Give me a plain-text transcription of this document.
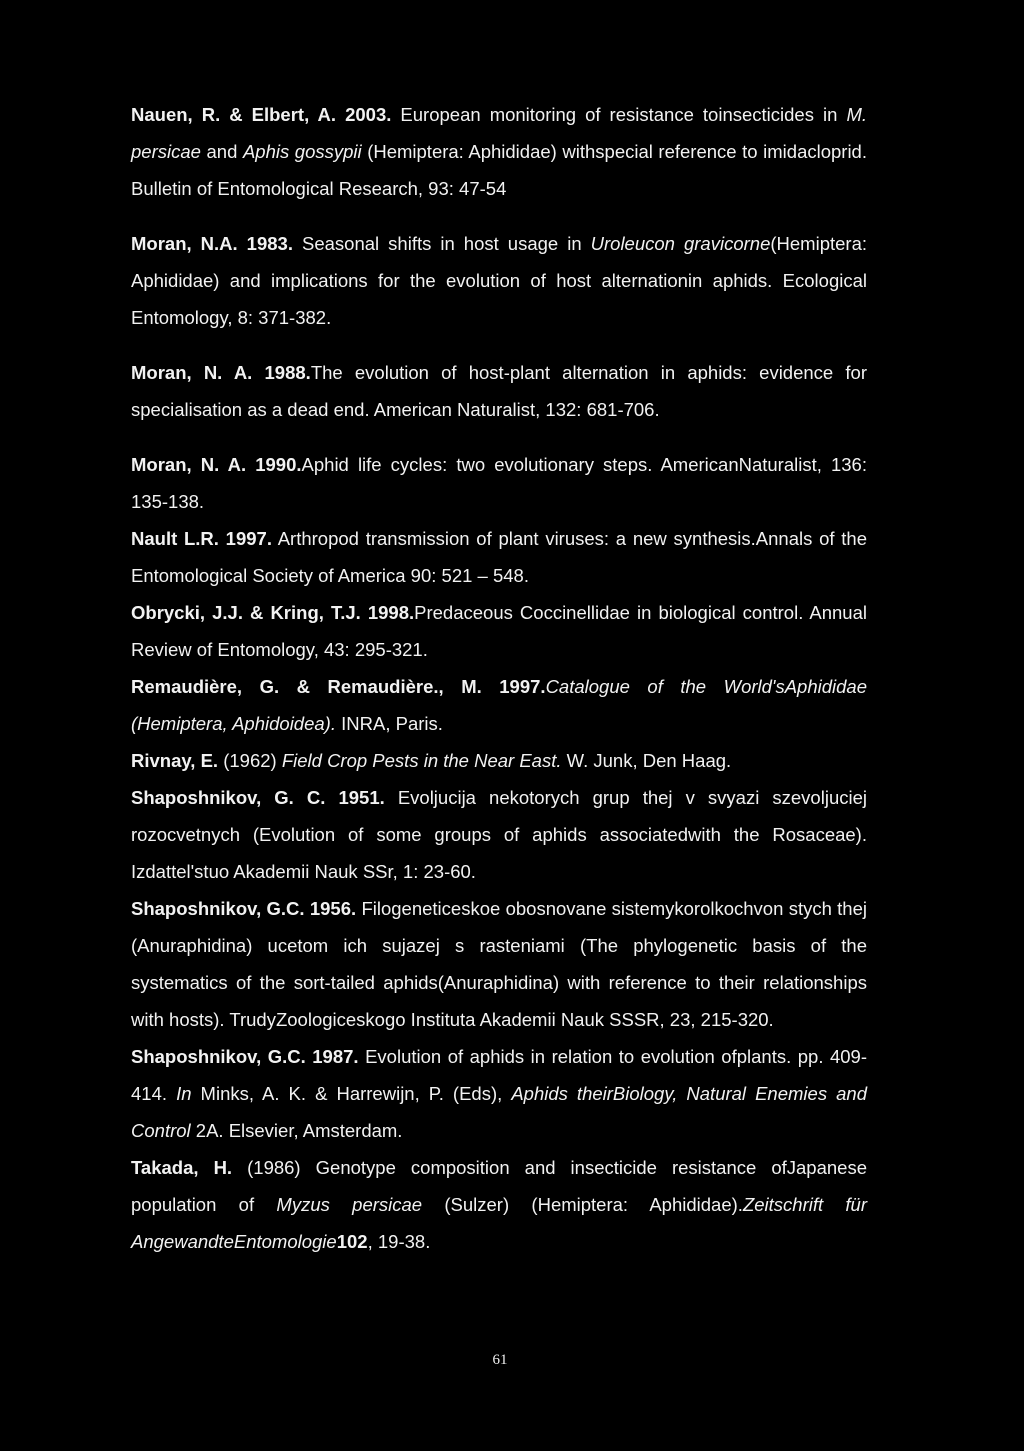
Nauen, R. & Elbert, A. 2003. European monitoring of resistance toinsecticides in M. persicae and Aphis gossypii (Hemiptera: Aphididae) withspecial reference to imidacloprid. Bulletin of Entomological Research, 93: 47-54

Moran, N.A. 1983. Seasonal shifts in host usage in Uroleucon gravicorne(Hemiptera: Aphididae) and implications for the evolution of host alternationin aphids. Ecological Entomology, 8: 371-382.

Moran, N. A. 1988.The evolution of host-plant alternation in aphids: evidence for specialisation as a dead end. American Naturalist, 132: 681-706.

Moran, N. A. 1990.Aphid life cycles: two evolutionary steps. AmericanNaturalist, 136: 135-138.

Nault L.R. 1997. Arthropod transmission of plant viruses: a new synthesis.Annals of the Entomological Society of America 90: 521 – 548.

Obrycki, J.J. & Kring, T.J. 1998.Predaceous Coccinellidae in biological control. Annual Review of Entomology, 43: 295-321.

Remaudière, G. & Remaudière., M. 1997.Catalogue of the World'sAphididae (Hemiptera, Aphidoidea). INRA, Paris.

Rivnay, E. (1962) Field Crop Pests in the Near East. W. Junk, Den Haag.

Shaposhnikov, G. C. 1951. Evoljucija nekotorych grup thej v svyazi szevoljuciej rozocvetnych (Evolution of some groups of aphids associatedwith the Rosaceae). Izdattel'stuo Akademii Nauk SSr, 1: 23-60.

Shaposhnikov, G.C. 1956. Filogeneticeskoe obosnovane sistemykorolkochvon stych thej (Anuraphidina) ucetom ich sujazej s rasteniami (The phylogenetic basis of the systematics of the sort-tailed aphids(Anuraphidina) with reference to their relationships with hosts). TrudyZoologiceskogo Instituta Akademii Nauk SSSR, 23, 215-320.

Shaposhnikov, G.C. 1987. Evolution of aphids in relation to evolution ofplants. pp. 409-414. In Minks, A. K. & Harrewijn, P. (Eds), Aphids theirBiology, Natural Enemies and Control 2A. Elsevier, Amsterdam.

Takada, H. (1986) Genotype composition and insecticide resistance ofJapanese population of Myzus persicae (Sulzer) (Hemiptera: Aphididae).Zeitschrift für AngewandteEntomologie102, 19-38.

61
